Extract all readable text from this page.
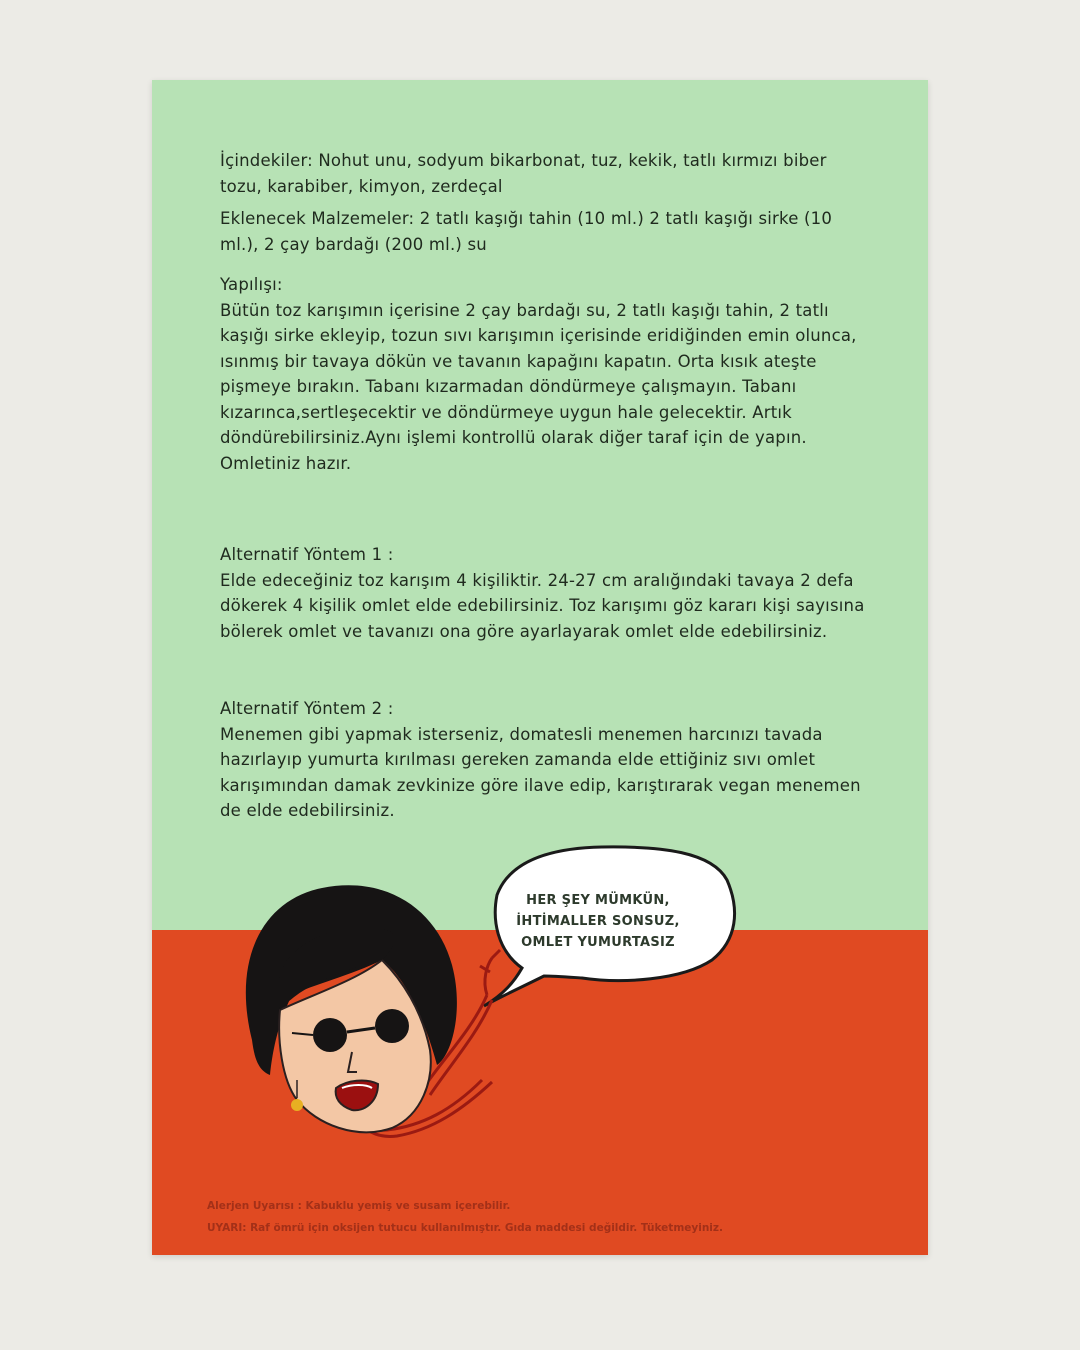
İçindekiler: Nohut unu, sodyum bikarbonat, tuz, kekik, tatlı kırmızı biber tozu, karabiber, kimyon, zerdeçal

Eklenecek Malzemeler: 2 tatlı kaşığı tahin (10 ml.) 2 tatlı kaşığı sirke (10 ml.), 2 çay bardağı (200 ml.) su

Yapılışı:

Bütün toz karışımın içerisine 2 çay bardağı su, 2 tatlı kaşığı tahin, 2 tatlı kaşığı sirke ekleyip, tozun sıvı karışımın içerisinde eridiğinden emin olunca, ısınmış bir tavaya dökün ve tavanın kapağını kapatın. Orta kısık ateşte pişmeye bırakın. Tabanı kızarmadan döndürmeye çalışmayın. Tabanı kızarınca,sertleşecektir ve döndürmeye uygun hale gelecektir. Artık döndürebilirsiniz.Aynı işlemi kontrollü olarak diğer taraf için de yapın. Omletiniz hazır.

Alternatif Yöntem 1 :

Elde edeceğiniz toz karışım 4 kişiliktir. 24-27 cm aralığındaki tavaya 2 defa dökerek 4 kişilik omlet elde edebilirsiniz. Toz karışımı göz kararı kişi sayısına bölerek omlet ve tavanızı ona göre ayarlayarak omlet elde edebilirsiniz.

Alternatif Yöntem 2 :

Menemen gibi yapmak isterseniz, domatesli menemen harcınızı tavada hazırlayıp yumurta kırılması gereken zamanda elde ettiğiniz sıvı omlet karışımından damak zevkinize göre ilave edip, karıştırarak vegan menemen de elde edebilirsiniz.

HER ŞEY MÜMKÜN,
İHTİMALLER SONSUZ,
OMLET YUMURTASIZ
Alerjen Uyarısı : Kabuklu yemiş ve susam içerebilir.
UYARI: Raf ömrü için oksijen tutucu kullanılmıştır. Gıda maddesi değildir. Tüketmeyiniz.
